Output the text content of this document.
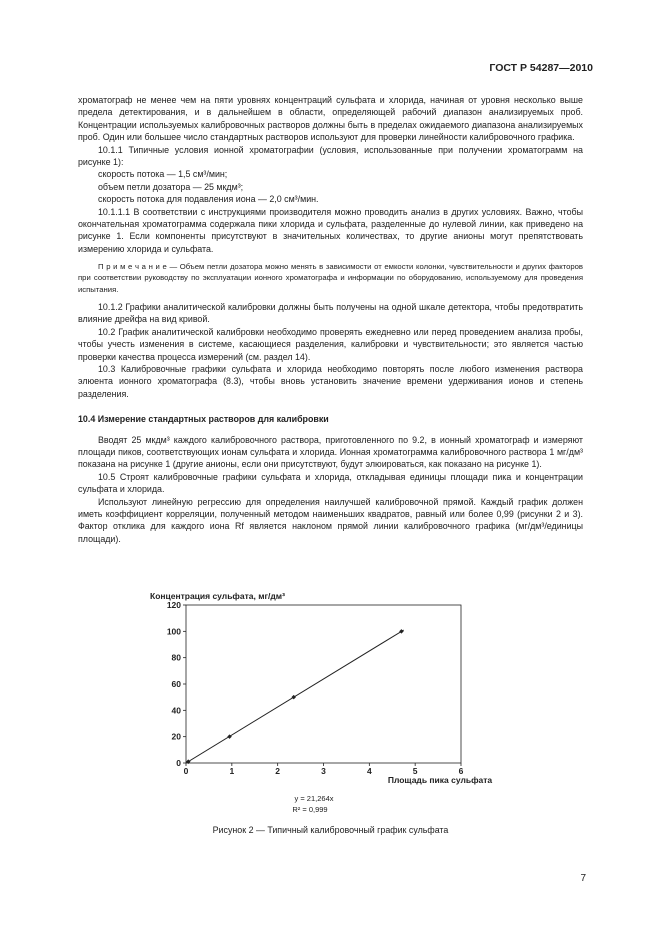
ГОСТ Р 54287—2010

хроматограф не менее чем на пяти уровнях концентраций сульфата и хлорида, начиная от уровня несколько выше предела детектирования, и в дальнейшем в области, определяющей рабочий диапазон анализируемых проб. Концентрации используемых калибровочных растворов должны быть в пределах ожидаемого диапазона анализируемых проб. Один или большее число стандартных растворов используют для проверки линейности калибровочного графика.

10.1.1 Типичные условия ионной хроматографии (условия, использованные при получении хроматограмм на рисунке 1):

скорость потока — 1,5 см³/мин;

объем петли дозатора — 25 мкдм³;

скорость потока для подавления иона — 2,0 см³/мин.

10.1.1.1 В соответствии с инструкциями производителя можно проводить анализ в других условиях. Важно, чтобы окончательная хроматограмма содержала пики хлорида и сульфата, разделенные до нулевой линии, как приведено на рисунке 1. Если компоненты присутствуют в значительных количествах, то другие анионы могут препятствовать измерению хлорида и сульфата.

П р и м е ч а н и е — Объем петли дозатора можно менять в зависимости от емкости колонки, чувствительности и других факторов при соответствии руководству по эксплуатации ионного хроматографа и информации по оборудованию, используемому для проведения испытания.

10.1.2 Графики аналитической калибровки должны быть получены на одной шкале детектора, чтобы предотвратить влияние дрейфа на вид кривой.

10.2 График аналитической калибровки необходимо проверять ежедневно или перед проведением анализа пробы, чтобы учесть изменения в системе, касающиеся разделения, калибровки и чувствительности; это является частью проверки качества процесса измерений (см. раздел 14).

10.3 Калибровочные графики сульфата и хлорида необходимо повторять после любого изменения раствора элюента ионного хроматографа (8.3), чтобы вновь установить значение времени удерживания ионов и степень разделения.

10.4 Измерение стандартных растворов для калибровки

Вводят 25 мкдм³ каждого калибровочного раствора, приготовленного по 9.2, в ионный хроматограф и измеряют площади пиков, соответствующих ионам сульфата и хлорида. Ионная хроматограмма калибровочного раствора 1 мг/дм³ показана на рисунке 1 (другие анионы, если они присутствуют, будут элюироваться, как показано на рисунке 1).

10.5 Строят калибровочные графики сульфата и хлорида, откладывая единицы площади пика и концентрации сульфата и хлорида.

Используют линейную регрессию для определения наилучшей калибровочной прямой. Каждый график должен иметь коэффициент корреляции, полученный методом наименьших квадратов, равный или более 0,99 (рисунки 2 и 3). Фактор отклика для каждого иона Rf является наклоном прямой линии калибровочного графика (мг/дм³/единицы площади).

Концентрация сульфата, мг/дм³
0
20
40
60
80
100
120
0	1	2	3	4	5	6
Площадь пика сульфата
y = 21,264x
R² = 0,999
Рисунок 2 — Типичный калибровочный график сульфата
7
